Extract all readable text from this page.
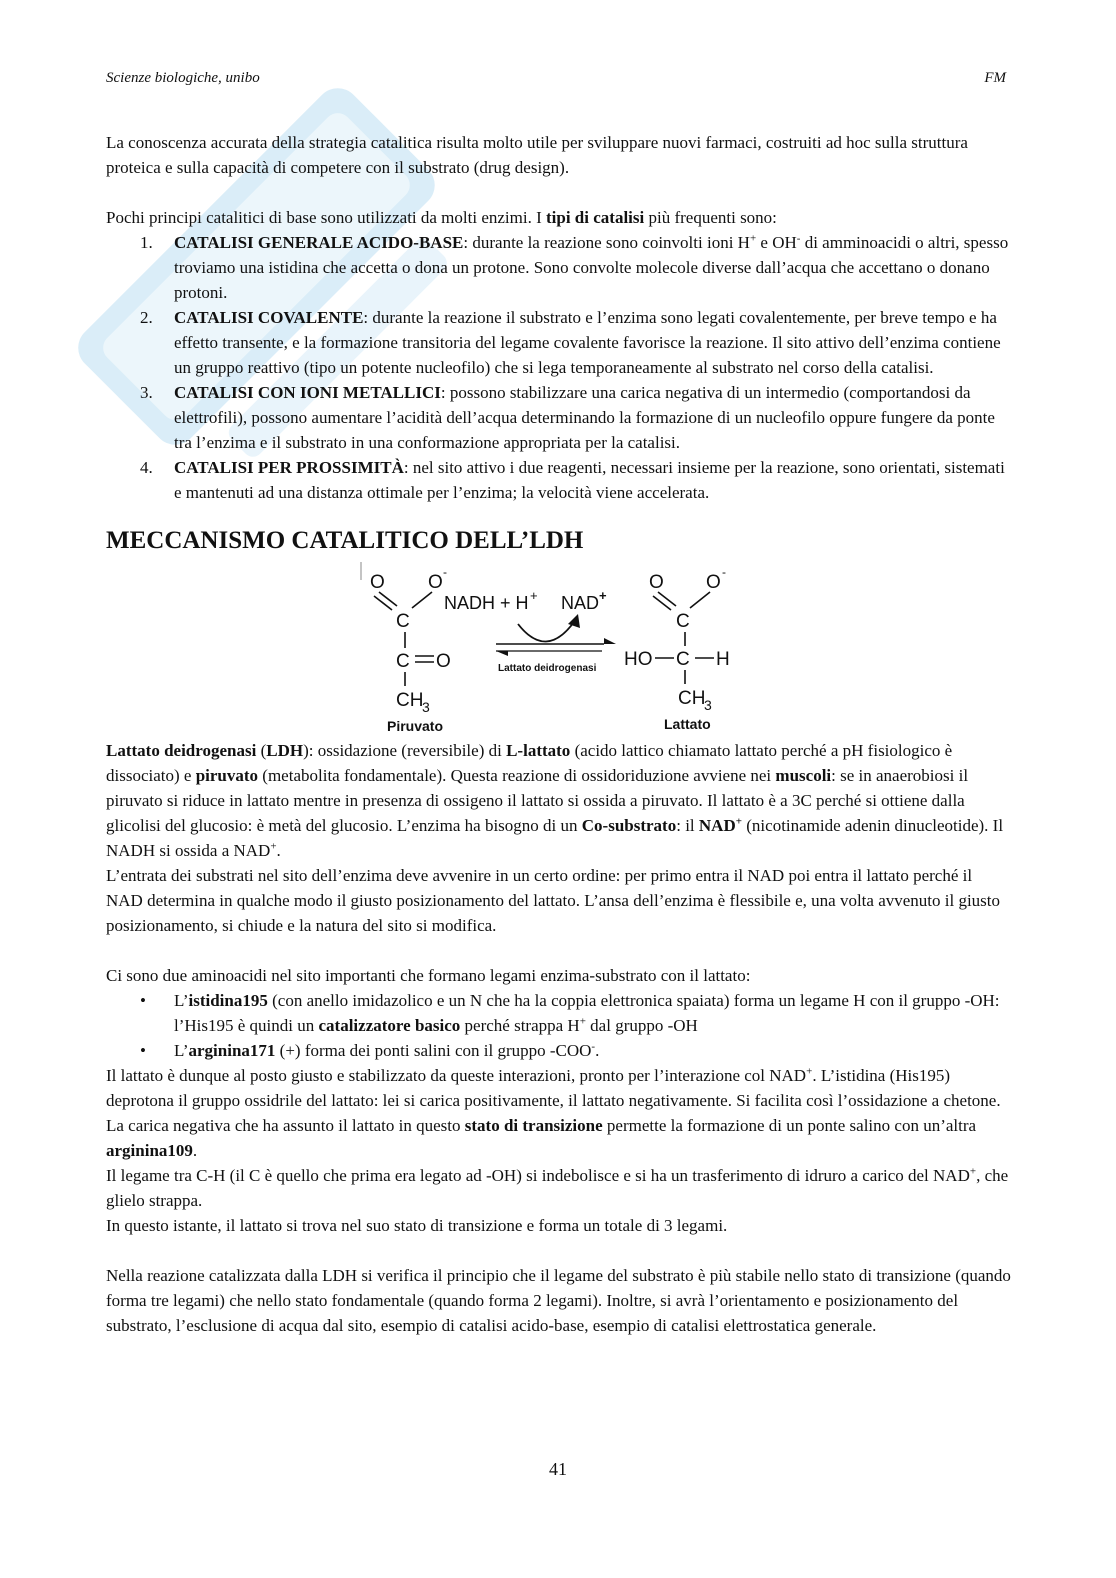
Scienze biologiche, unibo	FM

La conoscenza accurata della strategia catalitica risulta molto utile per sviluppare nuovi farmaci, costruiti ad hoc sulla struttura proteica e sulla capacità di competere con il substrato (drug design).

Pochi principi catalitici di base sono utilizzati da molti enzimi. I tipi di catalisi più frequenti sono:

1. CATALISI GENERALE ACIDO-BASE: durante la reazione sono coinvolti ioni H+ e OH- di amminoacidi o altri, spesso troviamo una istidina che accetta o dona un protone. Sono convolte molecole diverse dall’acqua che accettano o donano protoni.
2. CATALISI COVALENTE: durante la reazione il substrato e l’enzima sono legati covalentemente, per breve tempo e ha effetto transente, e la formazione transitoria del legame covalente favorisce la reazione. Il sito attivo dell’enzima contiene un gruppo reattivo (tipo un potente nucleofilo) che si lega temporaneamente al substrato nel corso della catalisi.
3. CATALISI CON IONI METALLICI: possono stabilizzare una carica negativa di un intermedio (comportandosi da elettrofili), possono aumentare l’acidità dell’acqua determinando la formazione di un nucleofilo oppure fungere da ponte tra l’enzima e il substrato in una conformazione appropriata per la catalisi.
4. CATALISI PER PROSSIMITÀ: nel sito attivo i due reagenti, necessari insieme per la reazione, sono orientati, sistemati e mantenuti ad una distanza ottimale per l’enzima; la velocità viene accelerata.
MECCANISMO CATALITICO DELL’LDH
O O -
C
C O
CH
3
Piruvato
NADH + H + NAD +
Lattato deidrogenasi
O O -
C
HO C H
CH
3
Lattato

Lattato deidrogenasi (LDH): ossidazione (reversibile) di L-lattato (acido lattico chiamato lattato perché a pH fisiologico è dissociato) e piruvato (metabolita fondamentale). Questa reazione di ossidoriduzione avviene nei muscoli: se in anaerobiosi il piruvato si riduce in lattato mentre in presenza di ossigeno il lattato si ossida a piruvato. Il lattato è a 3C perché si ottiene dalla glicolisi del glucosio: è metà del glucosio. L’enzima ha bisogno di un Co-substrato: il NAD+ (nicotinamide adenin dinucleotide). Il NADH si ossida a NAD+.

L’entrata dei substrati nel sito dell’enzima deve avvenire in un certo ordine: per primo entra il NAD poi entra il lattato perché il NAD determina in qualche modo il giusto posizionamento del lattato. L’ansa dell’enzima è flessibile e, una volta avvenuto il giusto posizionamento, si chiude e la natura del sito si modifica.

Ci sono due aminoacidi nel sito importanti che formano legami enzima-substrato con il lattato:

• L’istidina195 (con anello imidazolico e un N che ha la coppia elettronica spaiata) forma un legame H con il gruppo -OH: l’His195 è quindi un catalizzatore basico perché strappa H+ dal gruppo -OH
• L’arginina171 (+) forma dei ponti salini con il gruppo -COO-.

Il lattato è dunque al posto giusto e stabilizzato da queste interazioni, pronto per l’interazione col NAD+. L’istidina (His195) deprotona il gruppo ossidrile del lattato: lei si carica positivamente, il lattato negativamente. Si facilita così l’ossidazione a chetone. La carica negativa che ha assunto il lattato in questo stato di transizione permette la formazione di un ponte salino con un’altra arginina109.

Il legame tra C-H (il C è quello che prima era legato ad -OH) si indebolisce e si ha un trasferimento di idruro a carico del NAD+, che glielo strappa.

In questo istante, il lattato si trova nel suo stato di transizione e forma un totale di 3 legami.

Nella reazione catalizzata dalla LDH si verifica il principio che il legame del substrato è più stabile nello stato di transizione (quando forma tre legami) che nello stato fondamentale (quando forma 2 legami). Inoltre, si avrà l’orientamento e posizionamento del substrato, l’esclusione di acqua dal sito, esempio di catalisi acido-base, esempio di catalisi elettrostatica generale.

41
